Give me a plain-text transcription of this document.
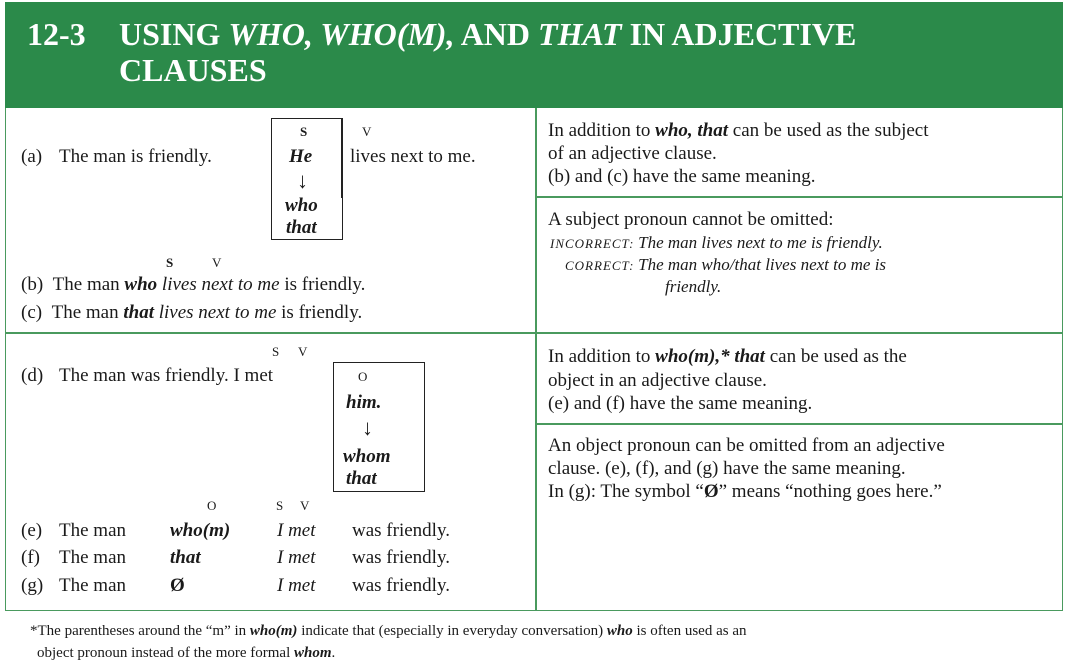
12-3 USING WHO, WHO(M), AND THAT IN ADJECTIVE
CLAUSES
S	V
(a) The man is friendly.	He lives next to me.
↓
who
that
S	V
(b) The man who lives next to me is friendly.
(c) The man that lives next to me is friendly.
S V
(d) The man was friendly. I met	O
him.
↓
whom
that
O	S V
(e) The man who(m) I met was friendly.
(f) The man that	I met was friendly.
(g) The man Ø	I met was friendly.
In addition to who, that can be used as the subject
of an adjective clause.
(b) and (c) have the same meaning.
A subject pronoun cannot be omitted:
INCORRECT: The man lives next to me is friendly.
CORRECT: The man who/that lives next to me is
friendly.
In addition to who(m),* that can be used as the
object in an adjective clause.
(e) and (f) have the same meaning.
An object pronoun can be omitted from an adjective
clause. (e), (f), and (g) have the same meaning.
In (g): The symbol “Ø” means “nothing goes here.”
*The parentheses around the “m” in who(m) indicate that (especially in everyday conversation) who is often used as an
object pronoun instead of the more formal whom.
